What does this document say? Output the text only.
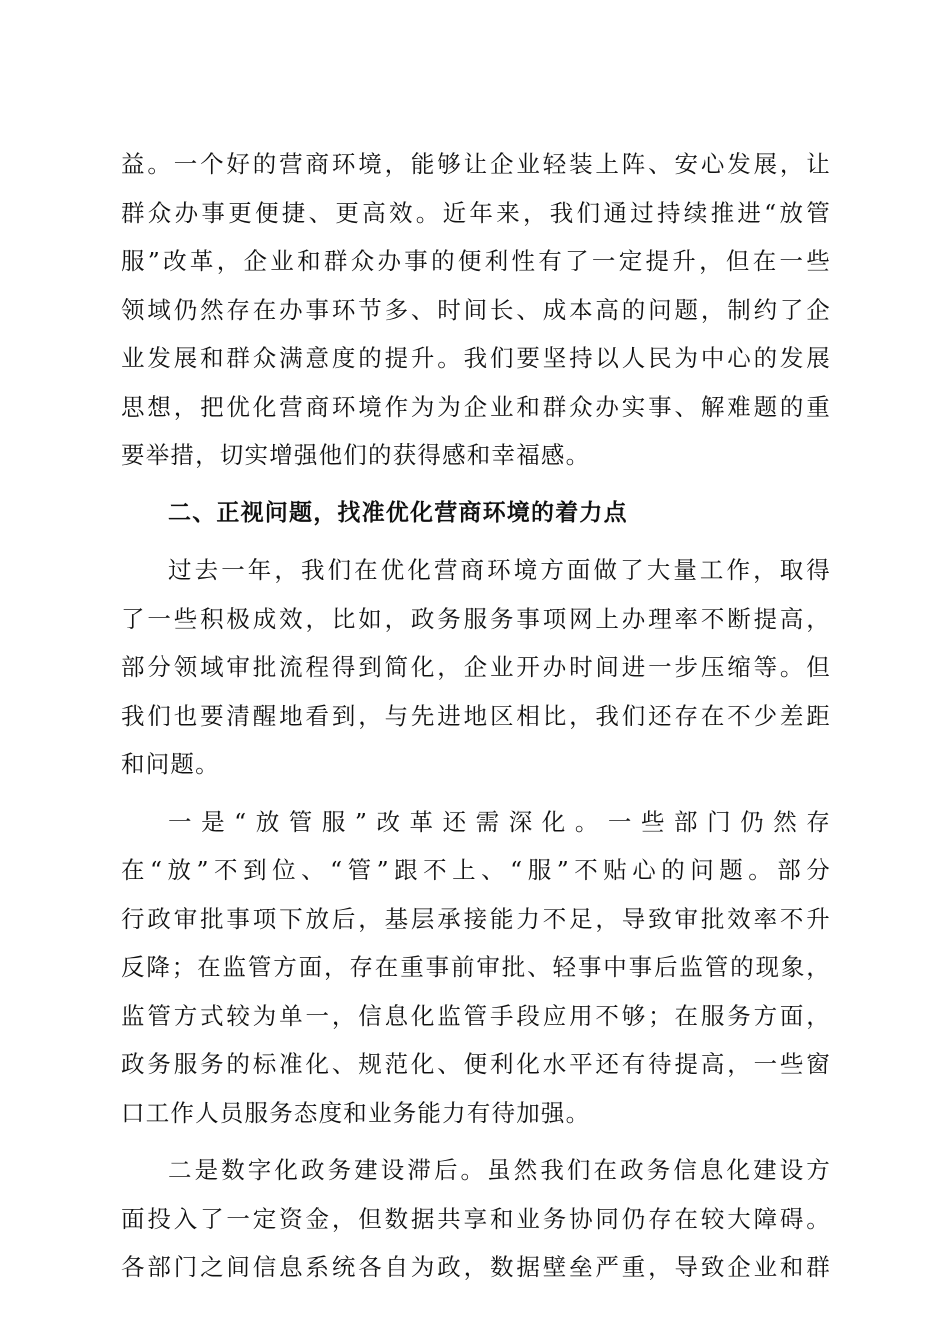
益。一个好的营商环境，能够让企业轻装上阵、安心发展，让
群众办事更便捷、更高效。近年来，我们通过持续推进“放管
服”改革，企业和群众办事的便利性有了一定提升，但在一些
领域仍然存在办事环节多、时间长、成本高的问题，制约了企
业发展和群众满意度的提升。我们要坚持以人民为中心的发展
思想，把优化营商环境作为为企业和群众办实事、解难题的重
要举措，切实增强他们的获得感和幸福感。
二、正视问题，找准优化营商环境的着力点
过去一年，我们在优化营商环境方面做了大量工作，取得
了一些积极成效，比如，政务服务事项网上办理率不断提高，
部分领域审批流程得到简化，企业开办时间进一步压缩等。但
我们也要清醒地看到，与先进地区相比，我们还存在不少差距
和问题。
一是“放管服”改革还需深化。一些部门仍然存
在“放”不到位、“管”跟不上、“服”不贴心的问题。部分
行政审批事项下放后，基层承接能力不足，导致审批效率不升
反降；在监管方面，存在重事前审批、轻事中事后监管的现象，
监管方式较为单一，信息化监管手段应用不够；在服务方面，
政务服务的标准化、规范化、便利化水平还有待提高，一些窗
口工作人员服务态度和业务能力有待加强。
二是数字化政务建设滞后。虽然我们在政务信息化建设方
面投入了一定资金，但数据共享和业务协同仍存在较大障碍。
各部门之间信息系统各自为政，数据壁垒严重，导致企业和群
